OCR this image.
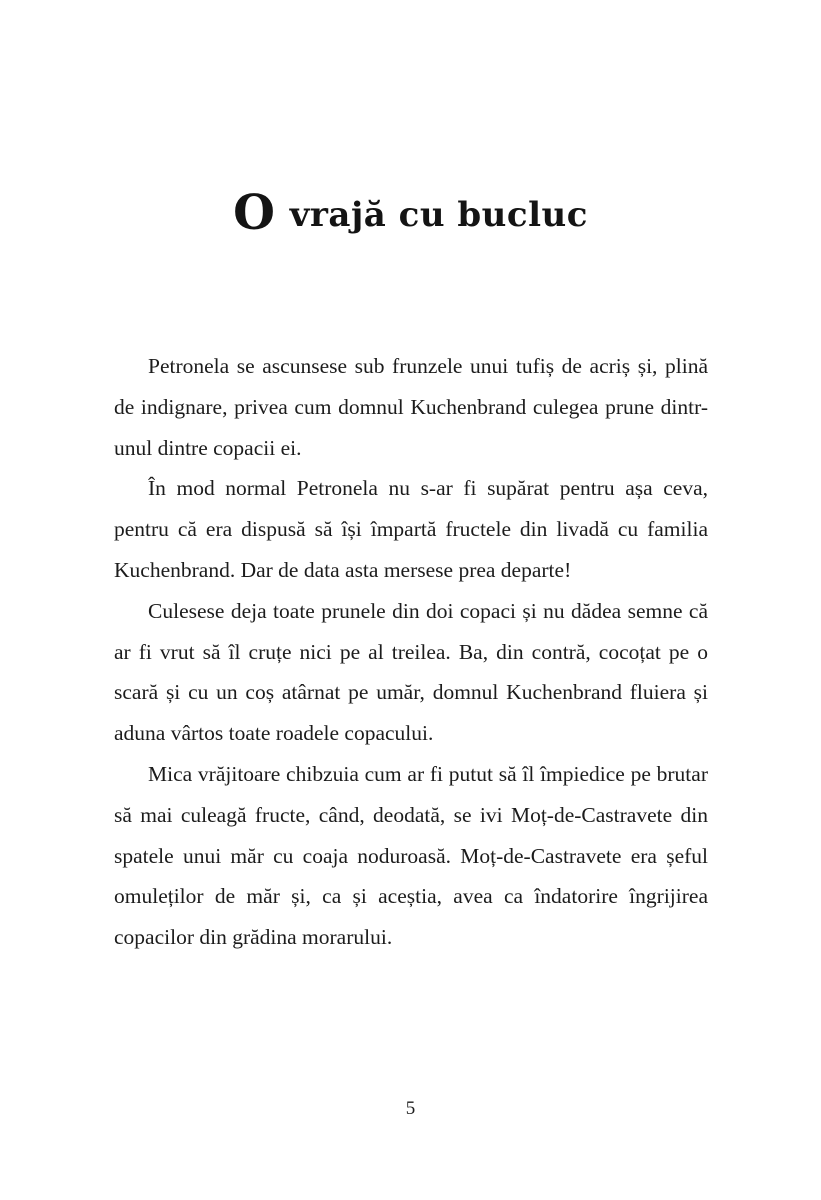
O vrajă cu bucluc

Petronela se ascunsese sub frunzele unui tufiș de acriș și, plină de indignare, privea cum domnul Kuchenbrand culegea prune dintr-unul dintre copacii ei.

În mod normal Petronela nu s-ar fi supărat pentru așa ceva, pentru că era dispusă să își împartă fructele din livadă cu familia Kuchenbrand. Dar de data asta mersese prea departe!

Culesese deja toate prunele din doi copaci și nu dădea semne că ar fi vrut să îl cruțe nici pe al treilea. Ba, din contră, cocoțat pe o scară și cu un coș atârnat pe umăr, domnul Kuchenbrand fluiera și aduna vârtos toate roadele copacului.

Mica vrăjitoare chibzuia cum ar fi putut să îl împiedice pe brutar să mai culeagă fructe, când, deodată, se ivi Moț-de-Castravete din spatele unui măr cu coaja noduroasă. Moț-de-Castravete era șeful omuleților de măr și, ca și aceștia, avea ca îndatorire îngrijirea copacilor din grădina morarului.

5
